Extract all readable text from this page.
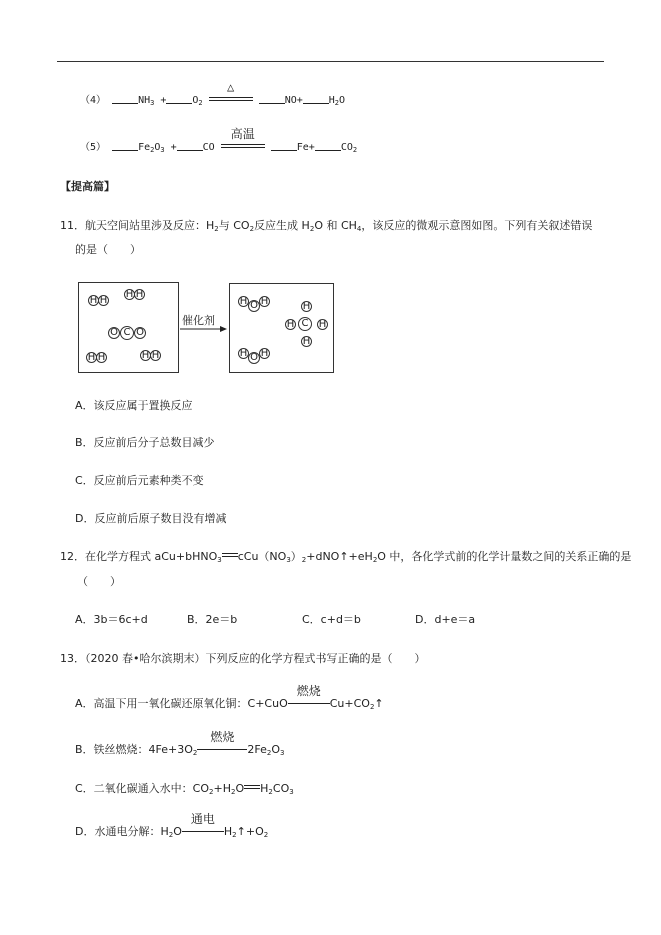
（4）	$NH_3$ +	$O_2$
△
NO+	$H_2O$
（5）	$Fe_2O_3$ +	CO
高温
Fe+	$CO_2$
【提高篇】
11．航天空间站里涉及反应：$H_2$与 $CO_2$反应生成 $H_2O$ 和 $CH_4$，该反应的微观示意图如图。下列有关叙述错误
的是（　　）
H H
H H
O C O
H H	H H
催化剂
H O H	H
H C	H
H
H O H
A．该反应属于置换反应
B．反应前后分子总数目减少
C．反应前后元素种类不变
D．反应前后原子数目没有增减
12．在化学方程式 aCu+bHNO$_3$ $cCu(NO_3)_2+dNO↑+eH_2O$ 中，各化学式前的化学计量数之间的关系正确的是
（　　）
A．3b＝6c+d	B．2e＝b	C．c+d＝b	D．d+e＝a
13．（2020 春•哈尔滨期末）下列反应的化学方程式书写正确的是（　　）
A．高温下用一氧化碳还原氧化铜：C+CuO
燃烧
$Cu+CO_2↑$
B．铁丝燃烧：$4Fe+3O_2$
燃烧
$2Fe_2O_3$
C．二氧化碳通入水中：$CO_2+H_2O$ $H_2CO_3$
D．水通电分解：$H_2O$
通电
$H_2↑+O_2$
